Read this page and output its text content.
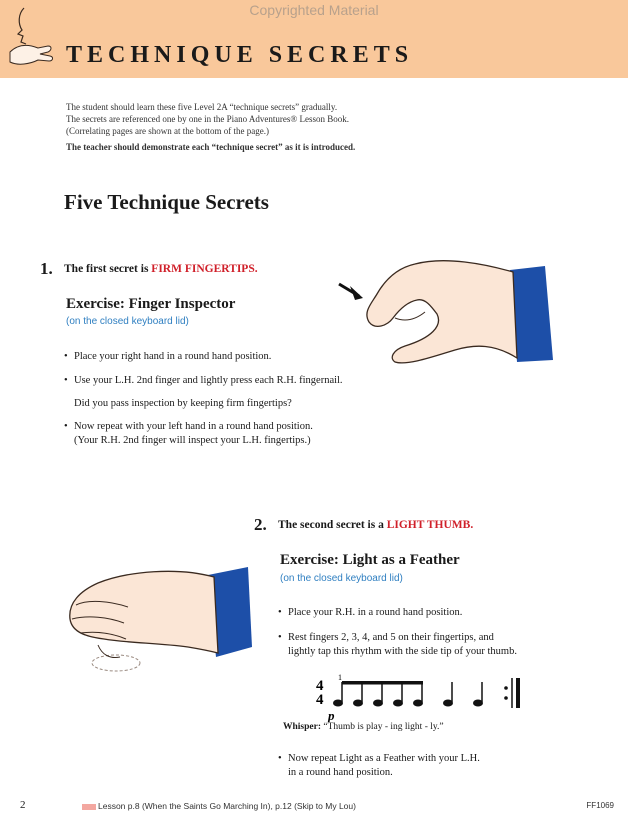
Copyrighted Material
TECHNIQUE SECRETS

The student should learn these five Level 2A “technique secrets” gradually.

The secrets are referenced one by one in the Piano Adventures® Lesson Book.

(Correlating pages are shown at the bottom of the page.)

The teacher should demonstrate each “technique secret” as it is introduced.

Five Technique Secrets
1. The first secret is FIRM FINGERTIPS.
Exercise: Finger Inspector
(on the closed keyboard lid)
• Place your right hand in a round hand position.
• Use your L.H. 2nd finger and lightly press each R.H. fingernail.
Did you pass inspection by keeping firm fingertips?
• Now repeat with your left hand in a round hand position.
(Your R.H. 2nd finger will inspect your L.H. fingertips.)
2. The second secret is a LIGHT THUMB.
Exercise: Light as a Feather
(on the closed keyboard lid)
• Place your R.H. in a round hand position.
• Rest fingers 2, 3, 4, and 5 on their fingertips, and
lightly tap this rhythm with the side tip of your thumb.
4
4
1
p
Whisper: “Thumb is play - ing light - ly.”
• Now repeat Light as a Feather with your L.H.
in a round hand position.
2	Lesson p.8 (When the Saints Go Marching In), p.12 (Skip to My Lou)	FF1069
